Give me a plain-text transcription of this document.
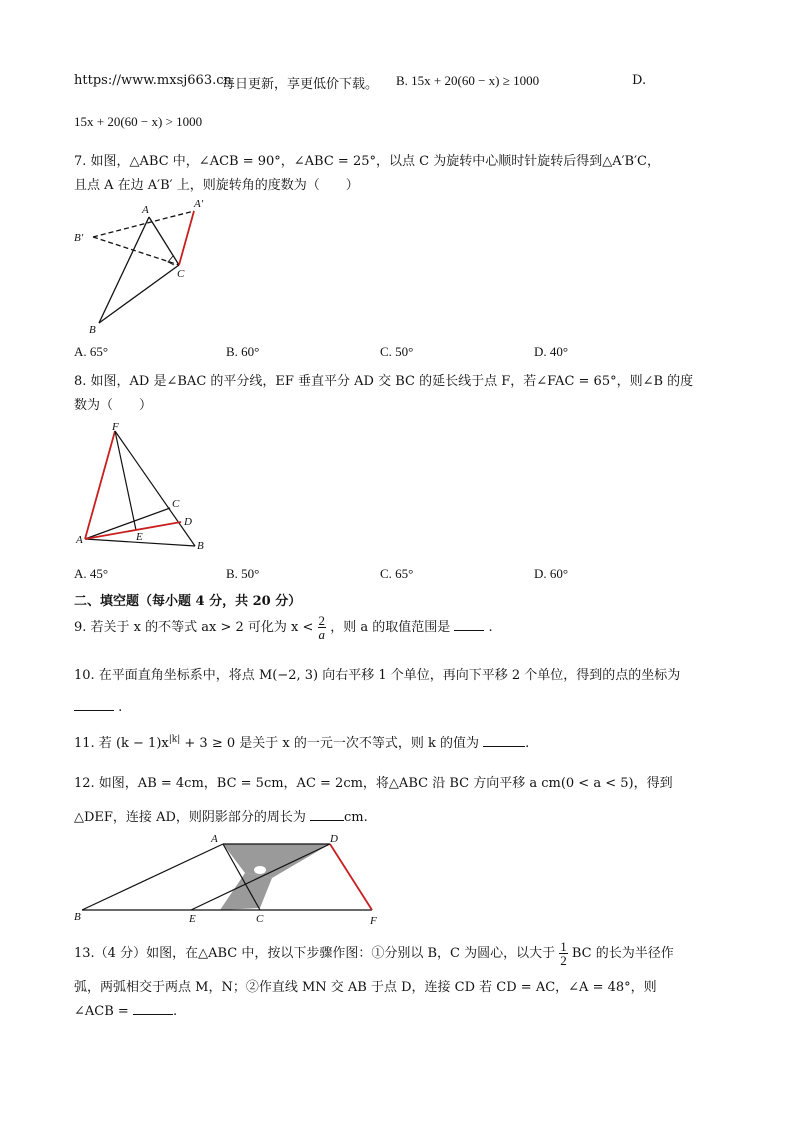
https://www.mxsj663.cn
每日更新，享更低价下载。 B. 15x + 20(60 − x) ≥ 1000	D.
15x + 20(60 − x) > 1000
7. 如图，△ABC 中，∠ACB = 90°，∠ABC = 25°，以点 C 为旋转中心顺时针旋转后得到△A′B′C，
且点 A 在边 A′B′ 上，则旋转角的度数为（　　）
A	A′
B′
C
B
A. 65°	B. 60°	C. 50°	D. 40°
8. 如图，AD 是∠BAC 的平分线，EF 垂直平分 AD 交 BC 的延长线于点 F，若∠FAC = 65°，则∠B 的度
数为（　　）
F
C
D
E
A	B
A. 45°	B. 50°	C. 65°	D. 60°
二、填空题（每小题 4 分，共 20 分）
9. 若关于 x 的不等式 ax > 2 可化为 $x < \frac{2}{a}$ ，则 a 的取值范围是	.
10. 在平面直角坐标系中，将点 M(−2, 3) 向右平移 1 个单位，再向下平移 2 个单位，得到的点的坐标为
.
11. 若 $(k - 1)x^{|k|} + 3 \ge 0$ 是关于 x 的一元一次不等式，则 k 的值为	.
12. 如图，AB = 4cm，BC = 5cm，AC = 2cm，将△ABC 沿 BC 方向平移 a cm(0 < a < 5)，得到
△DEF，连接 AD，则阴影部分的周长为	cm.
A	D
B	E	C	F
13.（4 分）如图，在△ABC 中，按以下步骤作图：①分别以 B，C 为圆心，以大于 $\frac{1}{2}$ BC 的长为半径作
弧，两弧相交于两点 M，N；②作直线 MN 交 AB 于点 D，连接 CD 若 CD = AC，∠A = 48°，则
∠ACB =	.
